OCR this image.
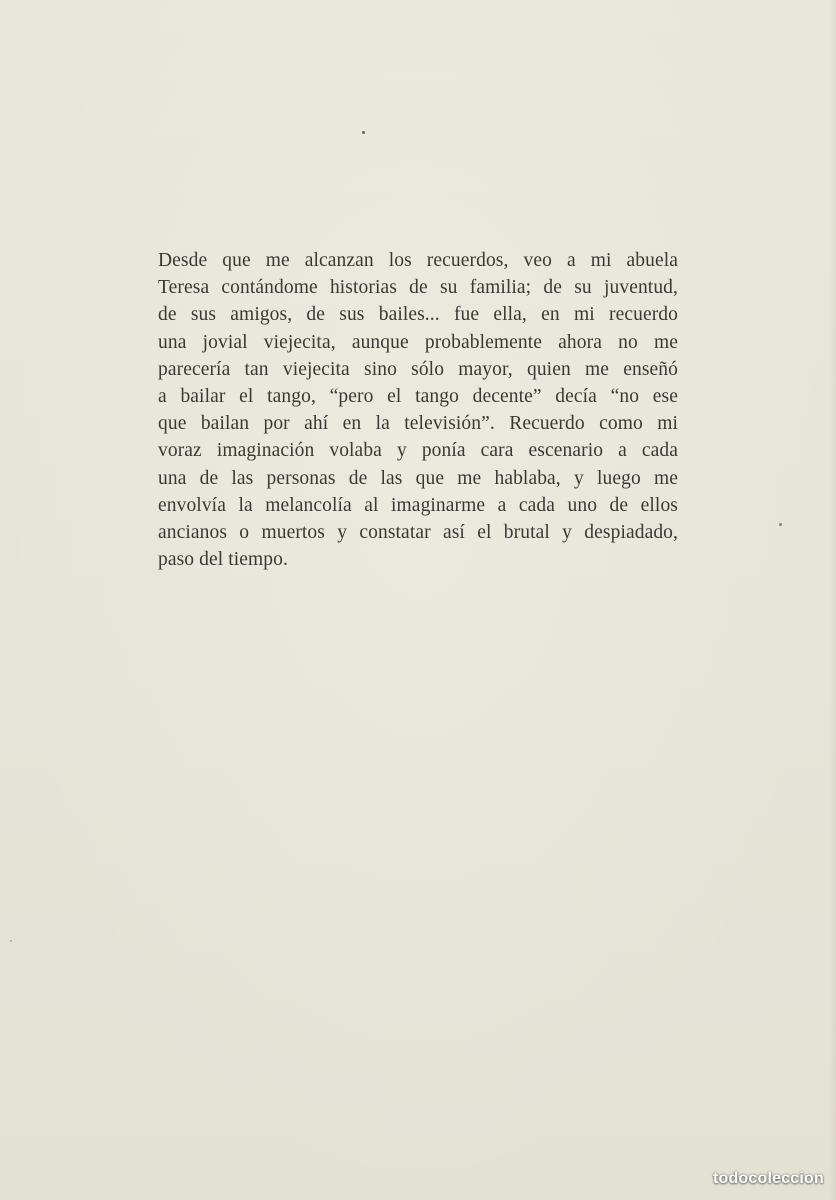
Desde que me alcanzan los recuerdos, veo a mi abuela
Teresa contándome historias de su familia; de su juventud,
de sus amigos, de sus bailes... fue ella, en mi recuerdo
una jovial viejecita, aunque probablemente ahora no me
parecería tan viejecita sino sólo mayor, quien me enseñó
a bailar el tango, “pero el tango decente” decía “no ese
que bailan por ahí en la televisión”. Recuerdo como mi
voraz imaginación volaba y ponía cara escenario a cada
una de las personas de las que me hablaba, y luego me
envolvía la melancolía al imaginarme a cada uno de ellos
ancianos o muertos y constatar así el brutal y despiadado,
paso del tiempo.

todocoleccion
